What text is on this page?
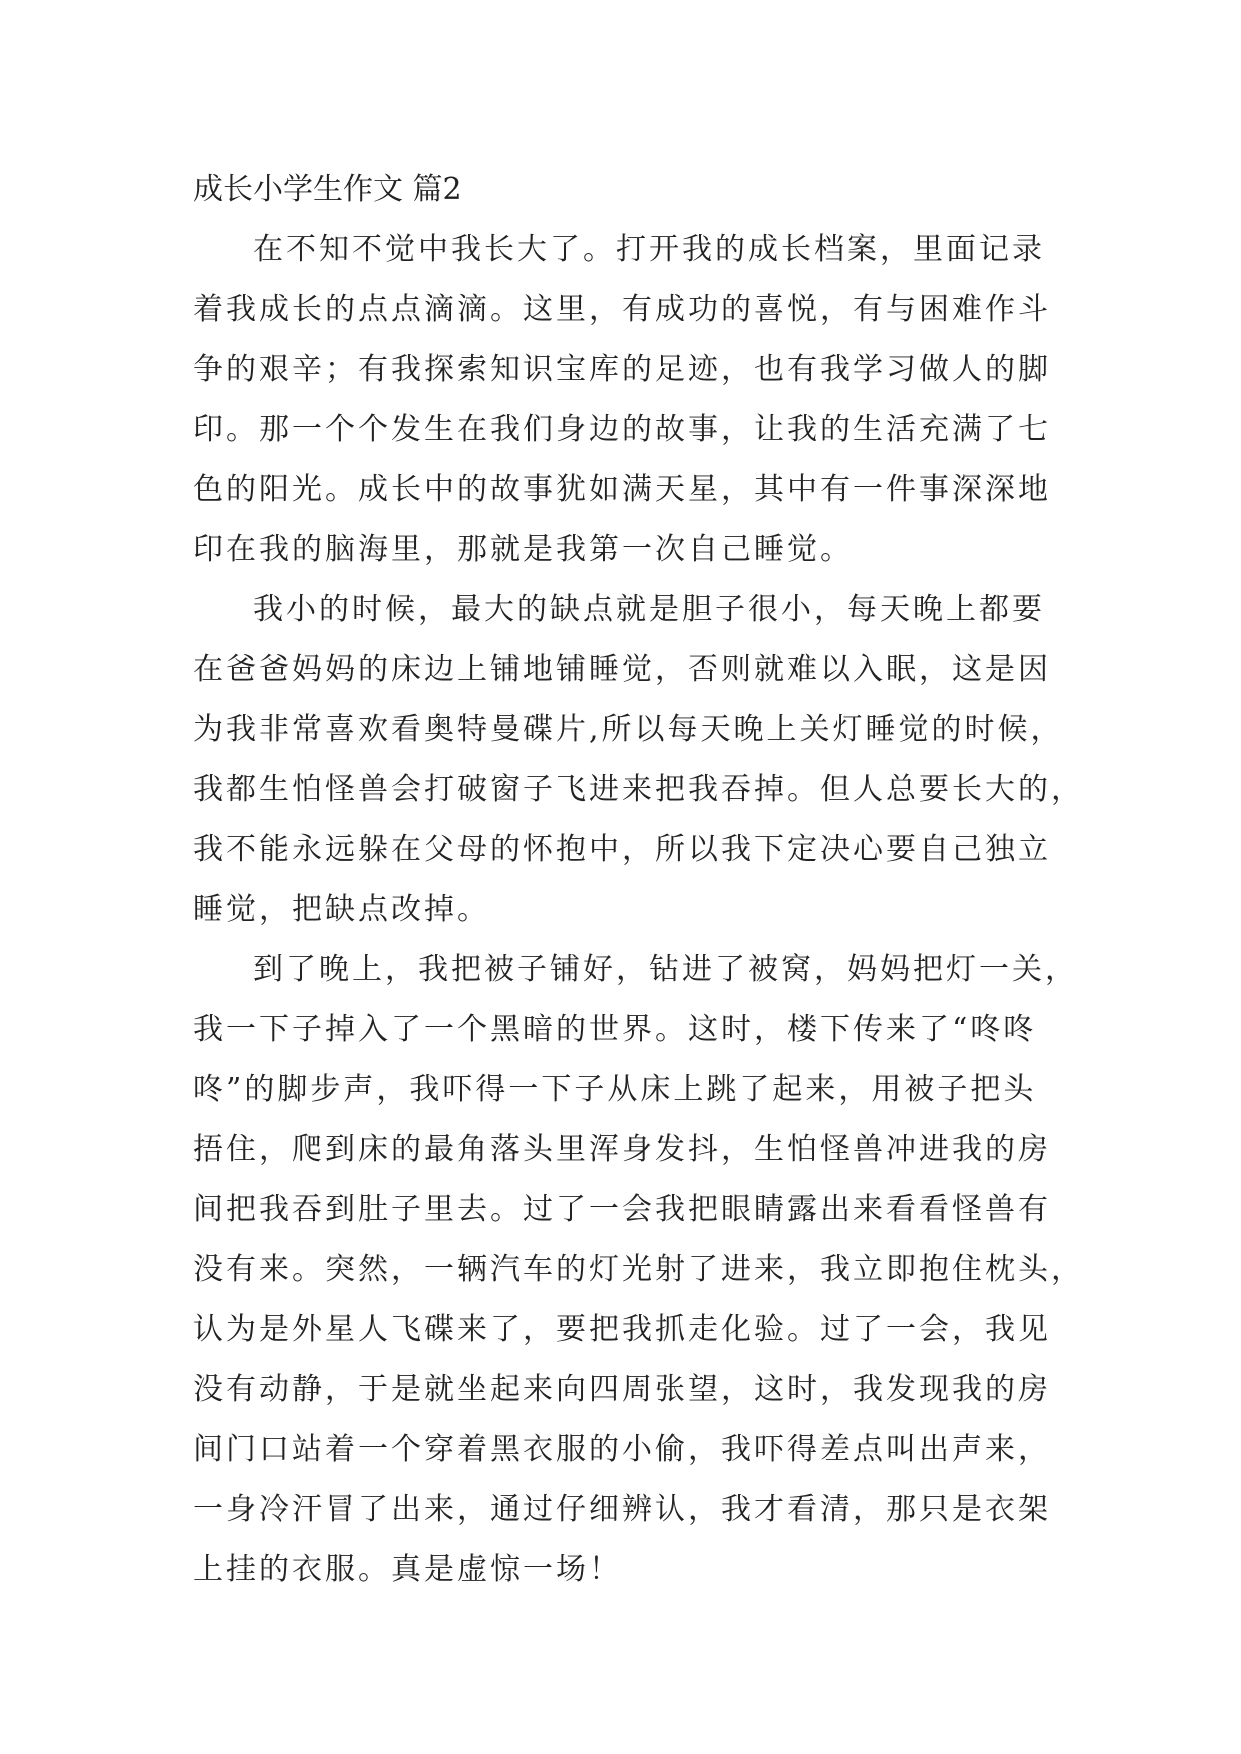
成长小学生作文 篇2
在不知不觉中我长大了。打开我的成长档案，里面记录
着我成长的点点滴滴。这里，有成功的喜悦，有与困难作斗
争的艰辛；有我探索知识宝库的足迹，也有我学习做人的脚
印。那一个个发生在我们身边的故事，让我的生活充满了七
色的阳光。成长中的故事犹如满天星，其中有一件事深深地
印在我的脑海里，那就是我第一次自己睡觉。
我小的时候，最大的缺点就是胆子很小，每天晚上都要
在爸爸妈妈的床边上铺地铺睡觉，否则就难以入眠，这是因
为我非常喜欢看奥特曼碟片,所以每天晚上关灯睡觉的时候，
我都生怕怪兽会打破窗子飞进来把我吞掉。但人总要长大的，
我不能永远躲在父母的怀抱中，所以我下定决心要自己独立
睡觉，把缺点改掉。
到了晚上，我把被子铺好，钻进了被窝，妈妈把灯一关，
我一下子掉入了一个黑暗的世界。这时，楼下传来了“咚咚
咚”的脚步声，我吓得一下子从床上跳了起来，用被子把头
捂住，爬到床的最角落头里浑身发抖，生怕怪兽冲进我的房
间把我吞到肚子里去。过了一会我把眼睛露出来看看怪兽有
没有来。突然，一辆汽车的灯光射了进来，我立即抱住枕头，
认为是外星人飞碟来了，要把我抓走化验。过了一会，我见
没有动静，于是就坐起来向四周张望，这时，我发现我的房
间门口站着一个穿着黑衣服的小偷，我吓得差点叫出声来，
一身冷汗冒了出来，通过仔细辨认，我才看清，那只是衣架
上挂的衣服。真是虚惊一场！
